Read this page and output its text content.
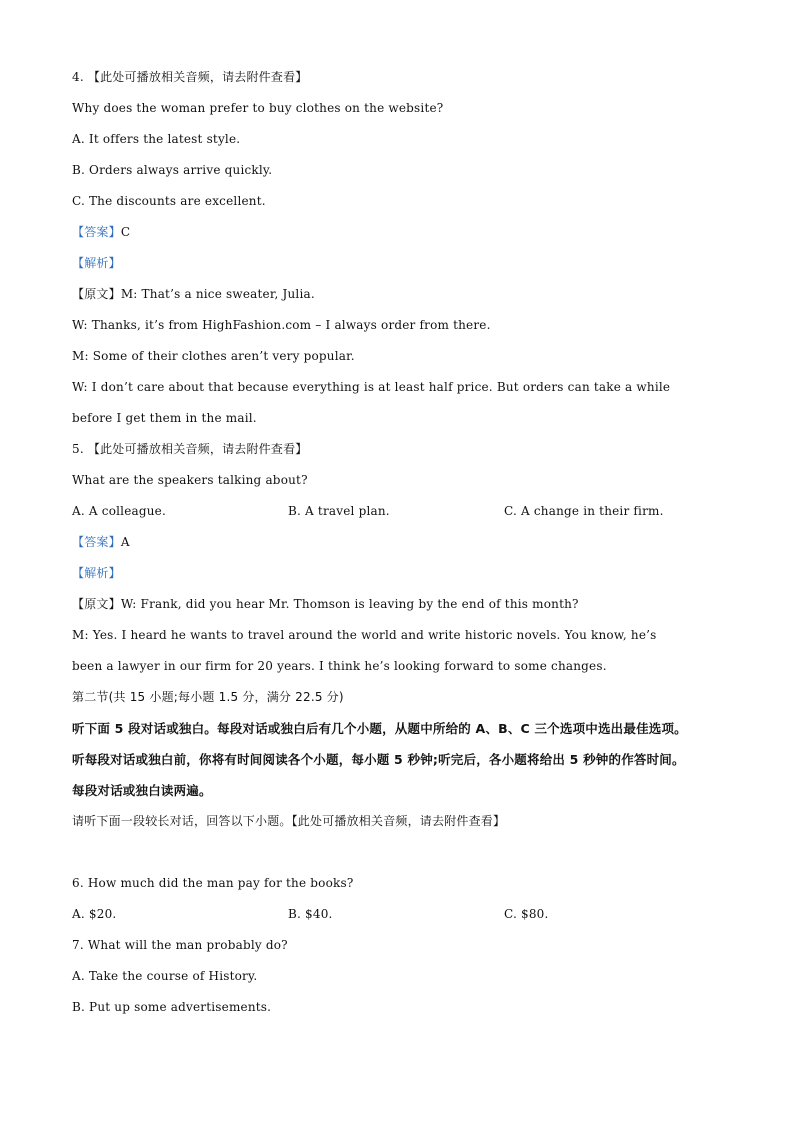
4. 【此处可播放相关音频，请去附件查看】
Why does the woman prefer to buy clothes on the website?
A. It offers the latest style.
B. Orders always arrive quickly.
C. The discounts are excellent.
【答案】C
【解析】
【原文】M: That’s a nice sweater, Julia.
W: Thanks, it’s from HighFashion.com – I always order from there.
M: Some of their clothes aren’t very popular.
W: I don’t care about that because everything is at least half price. But orders can take a while
before I get them in the mail.
5. 【此处可播放相关音频，请去附件查看】
What are the speakers talking about?
A. A colleague.	B. A travel plan.	C. A change in their firm.
【答案】A
【解析】
【原文】W: Frank, did you hear Mr. Thomson is leaving by the end of this month?
M: Yes. I heard he wants to travel around the world and write historic novels. You know, he’s
been a lawyer in our firm for 20 years. I think he’s looking forward to some changes.
第二节(共 15 小题;每小题 1.5 分，满分 22.5 分)
听下面 5 段对话或独白。每段对话或独白后有几个小题，从题中所给的 A、B、C 三个选项中选出最佳选项。
听每段对话或独白前，你将有时间阅读各个小题，每小题 5 秒钟;听完后，各小题将给出 5 秒钟的作答时间。
每段对话或独白读两遍。
请听下面一段较长对话，回答以下小题。【此处可播放相关音频，请去附件查看】
6. How much did the man pay for the books?
A. $20.	B. $40.	C. $80.
7. What will the man probably do?
A. Take the course of History.
B. Put up some advertisements.
